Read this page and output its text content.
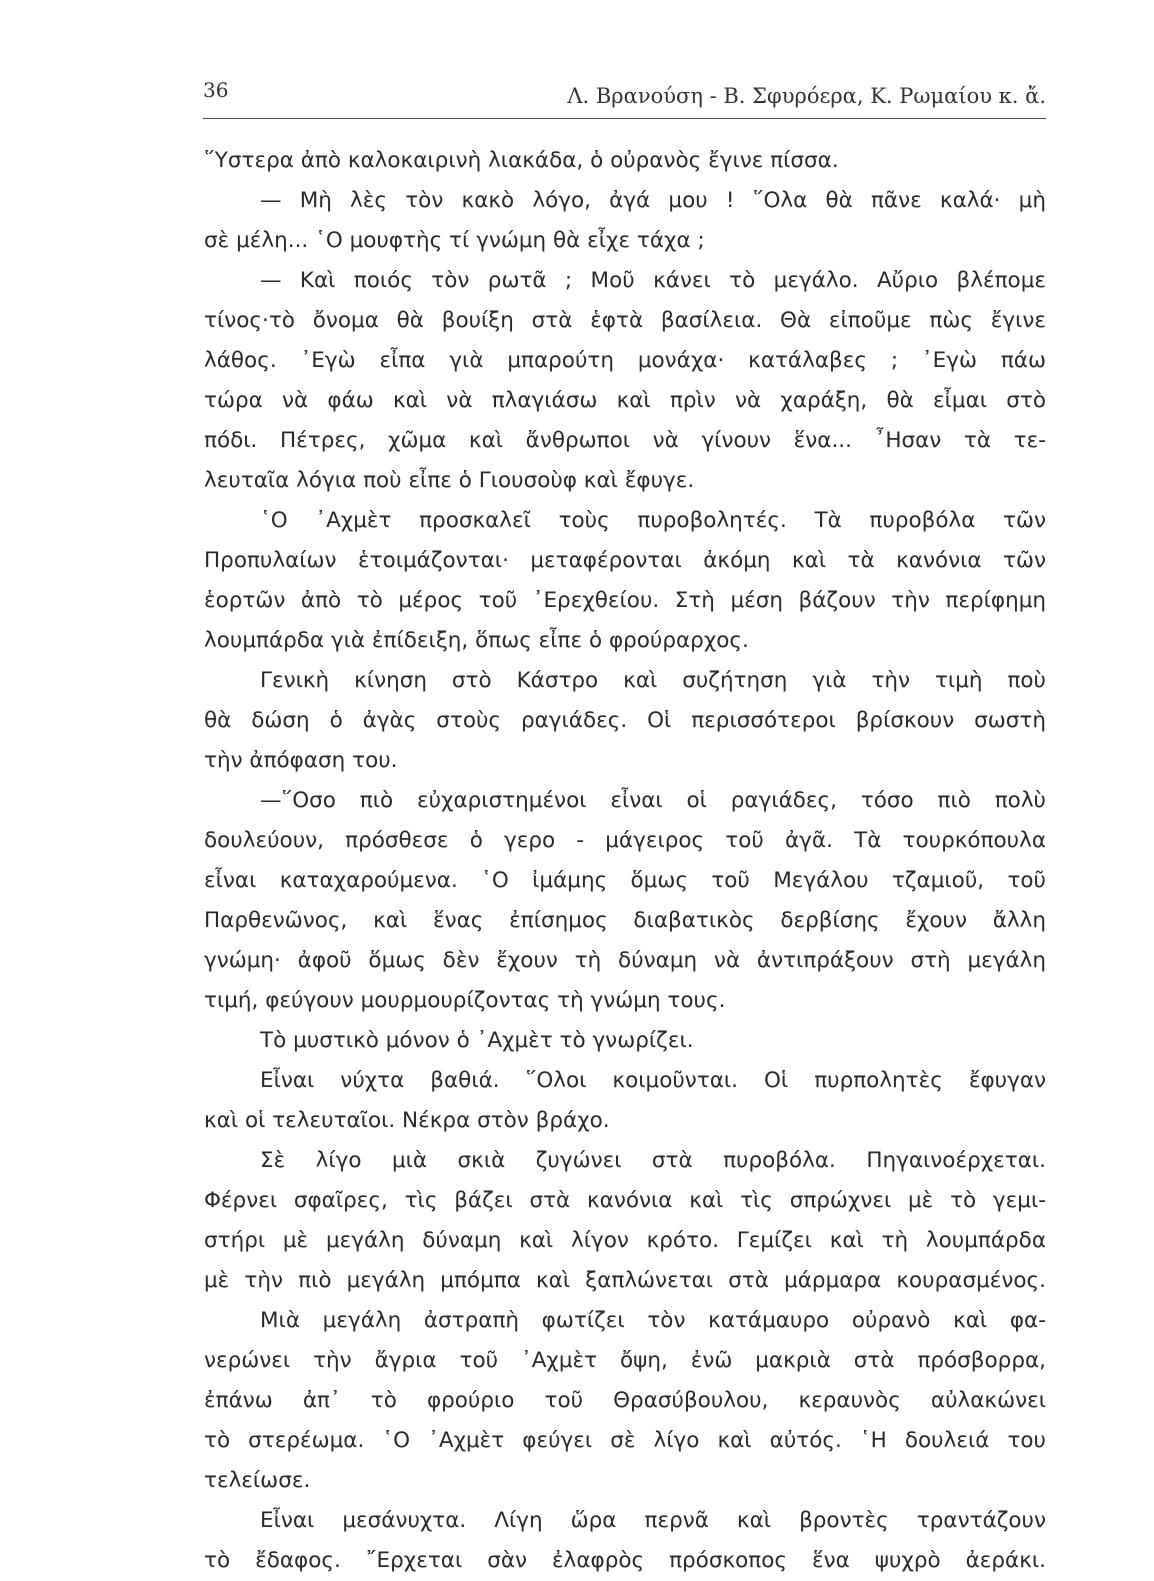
36	Λ. Βρανούση - Β. Σφυρόερα, Κ. Ρωμαίου κ. ἄ.
῞Υστερα ἀπὸ καλοκαιρινὴ λιακάδα, ὁ οὐρανὸς ἔγινε πίσσα.
— Μὴ λὲς τὸν κακὸ λόγο, ἀγά μου ! ῞Ολα θὰ πᾶνε καλά· μὴ
σὲ μέλη... ῾Ο μουφτὴς τί γνώμη θὰ εἶχε τάχα ;
— Καὶ ποιός τὸν ρωτᾶ ; Μοῦ κάνει τὸ μεγάλο. Αὔριο βλέπομε
τίνος·τὸ ὄνομα θὰ βουίξη στὰ ἑφτὰ βασίλεια. Θὰ εἰποῦμε πὼς ἔγινε
λάθος. ᾿Εγὼ εἶπα γιὰ μπαρούτη μονάχα· κατάλαβες ; ᾿Εγὼ πάω
τώρα νὰ φάω καὶ νὰ πλαγιάσω καὶ πρὶν νὰ χαράξη, θὰ εἶμαι στὸ
πόδι. Πέτρες, χῶμα καὶ ἄνθρωποι νὰ γίνουν ἕνα... ῏Ησαν τὰ τε-
λευταῖα λόγια ποὺ εἶπε ὁ Γιουσοὺφ καὶ ἔφυγε.
῾Ο ᾿Αχμὲτ προσκαλεῖ τοὺς πυροβολητές. Τὰ πυροβόλα τῶν
Προπυλαίων ἑτοιμάζονται· μεταφέρονται ἀκόμη καὶ τὰ κανόνια τῶν
ἑορτῶν ἀπὸ τὸ μέρος τοῦ ᾿Ερεχθείου. Στὴ μέση βάζουν τὴν περίφημη
λουμπάρδα γιὰ ἐπίδειξη, ὅπως εἶπε ὁ φρούραρχος.
Γενικὴ κίνηση στὸ Κάστρο καὶ συζήτηση γιὰ τὴν τιμὴ ποὺ
θὰ δώση ὁ ἀγὰς στοὺς ραγιάδες. Οἱ περισσότεροι βρίσκουν σωστὴ
τὴν ἀπόφαση του.
—῞Οσο πιὸ εὐχαριστημένοι εἶναι οἱ ραγιάδες, τόσο πιὸ πολὺ
δουλεύουν, πρόσθεσε ὁ γερο - μάγειρος τοῦ ἀγᾶ. Τὰ τουρκόπουλα
εἶναι καταχαρούμενα. ῾Ο ἰμάμης ὅμως τοῦ Μεγάλου τζαμιοῦ, τοῦ
Παρθενῶνος, καὶ ἕνας ἐπίσημος διαβατικὸς δερβίσης ἔχουν ἄλλη
γνώμη· ἀφοῦ ὅμως δὲν ἔχουν τὴ δύναμη νὰ ἀντιπράξουν στὴ μεγάλη
τιμή, φεύγουν μουρμουρίζοντας τὴ γνώμη τους.
Τὸ μυστικὸ μόνον ὁ ᾿Αχμὲτ τὸ γνωρίζει.
Εἶναι νύχτα βαθιά. ῞Ολοι κοιμοῦνται. Οἱ πυρπολητὲς ἔφυγαν
καὶ οἱ τελευταῖοι. Νέκρα στὸν βράχο.
Σὲ λίγο μιὰ σκιὰ ζυγώνει στὰ πυροβόλα. Πηγαινοέρχεται.
Φέρνει σφαῖρες, τὶς βάζει στὰ κανόνια καὶ τὶς σπρώχνει μὲ τὸ γεμι-
στήρι μὲ μεγάλη δύναμη καὶ λίγον κρότο. Γεμίζει καὶ τὴ λουμπάρδα
μὲ τὴν πιὸ μεγάλη μπόμπα καὶ ξαπλώνεται στὰ μάρμαρα κουρασμένος.
Μιὰ μεγάλη ἀστραπὴ φωτίζει τὸν κατάμαυρο οὐρανὸ καὶ φα-
νερώνει τὴν ἄγρια τοῦ ᾿Αχμὲτ ὄψη, ἐνῶ μακριὰ στὰ πρόσβορρα,
ἐπάνω ἀπ᾿ τὸ φρούριο τοῦ Θρασύβουλου, κεραυνὸς αὐλακώνει
τὸ στερέωμα. ῾Ο ᾿Αχμὲτ φεύγει σὲ λίγο καὶ αὐτός. ῾Η δουλειά του
τελείωσε.
Εἶναι μεσάνυχτα. Λίγη ὥρα περνᾶ καὶ βροντὲς τραντάζουν
τὸ ἔδαφος. ῎Ερχεται σὰν ἐλαφρὸς πρόσκοπος ἕνα ψυχρὸ ἀεράκι.
